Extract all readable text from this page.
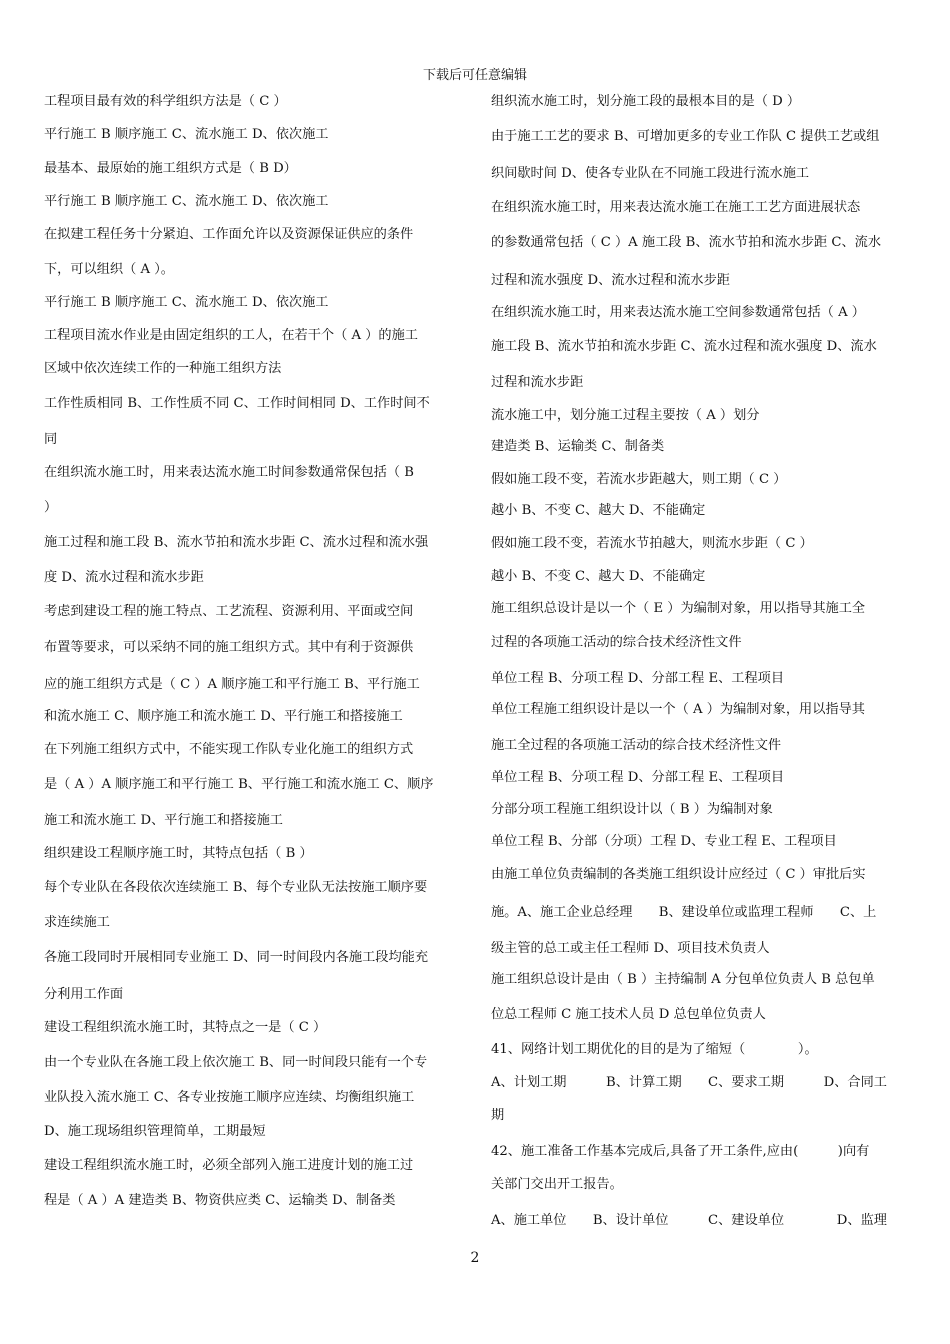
下载后可任意编辑
工程项目最有效的科学组织方法是（ C ）
平行施工 B 顺序施工 C、流水施工 D、依次施工
最基本、最原始的施工组织方式是（ B D）
平行施工 B 顺序施工 C、流水施工 D、依次施工
在拟建工程任务十分紧迫、工作面允许以及资源保证供应的条件
下，可以组织（ A ）。
平行施工 B 顺序施工 C、流水施工 D、依次施工
工程项目流水作业是由固定组织的工人，在若干个（ A ）的施工
区域中依次连续工作的一种施工组织方法
工作性质相同 B、工作性质不同 C、工作时间相同 D、工作时间不
同
在组织流水施工时，用来表达流水施工时间参数通常保包括（ B
）
施工过程和施工段 B、流水节拍和流水步距 C、流水过程和流水强
度 D、流水过程和流水步距
考虑到建设工程的施工特点、工艺流程、资源利用、平面或空间
布置等要求，可以采纳不同的施工组织方式。其中有利于资源供
应的施工组织方式是（ C ）A 顺序施工和平行施工 B、平行施工
和流水施工 C、顺序施工和流水施工 D、平行施工和搭接施工
在下列施工组织方式中，不能实现工作队专业化施工的组织方式
是（ A ）A 顺序施工和平行施工 B、平行施工和流水施工 C、顺序
施工和流水施工 D、平行施工和搭接施工
组织建设工程顺序施工时，其特点包括（ B ）
每个专业队在各段依次连续施工 B、每个专业队无法按施工顺序要
求连续施工
各施工段同时开展相同专业施工 D、同一时间段内各施工段均能充
分利用工作面
建设工程组织流水施工时，其特点之一是（ C ）
由一个专业队在各施工段上依次施工 B、同一时间段只能有一个专
业队投入流水施工 C、各专业按施工顺序应连续、均衡组织施工
D、施工现场组织管理简单，工期最短
建设工程组织流水施工时，必须全部列入施工进度计划的施工过
程是（ A ）A 建造类 B、物资供应类 C、运输类 D、制备类
组织流水施工时，划分施工段的最根本目的是（ D ）
由于施工工艺的要求 B、可增加更多的专业工作队 C 提供工艺或组
织间歇时间 D、使各专业队在不同施工段进行流水施工
在组织流水施工时，用来表达流水施工在施工工艺方面进展状态
的参数通常包括（ C ）A 施工段 B、流水节拍和流水步距 C、流水
过程和流水强度 D、流水过程和流水步距
在组织流水施工时，用来表达流水施工空间参数通常包括（ A ）
施工段 B、流水节拍和流水步距 C、流水过程和流水强度 D、流水
过程和流水步距
流水施工中，划分施工过程主要按（ A ）划分
建造类 B、运输类 C、制备类
假如施工段不变，若流水步距越大，则工期（ C ）
越小 B、不变 C、越大 D、不能确定
假如施工段不变，若流水节拍越大，则流水步距（ C ）
越小 B、不变 C、越大 D、不能确定
施工组织总设计是以一个（ E ）为编制对象，用以指导其施工全
过程的各项施工活动的综合技术经济性文件
单位工程 B、分项工程 D、分部工程 E、工程项目
单位工程施工组织设计是以一个（ A ）为编制对象，用以指导其
施工全过程的各项施工活动的综合技术经济性文件
单位工程 B、分项工程 D、分部工程 E、工程项目
分部分项工程施工组织设计以（ B ）为编制对象
单位工程 B、分部（分项）工程 D、专业工程 E、工程项目
由施工单位负责编制的各类施工组织设计应经过（ C ）审批后实
施。A、施工企业总经理　　B、建设单位或监理工程师　　C、上
级主管的总工或主任工程师 D、项目技术负责人
施工组织总设计是由（ B ）主持编制 A 分包单位负责人 B 总包单
位总工程师 C 施工技术人员 D 总包单位负责人
41、网络计划工期优化的目的是为了缩短（　　　　）。
A、计划工期　　　B、计算工期　　C、要求工期　　　D、合同工
期
42、施工准备工作基本完成后,具备了开工条件,应由(　　　)向有
关部门交出开工报告。
A、施工单位　　B、设计单位　　　C、建设单位　　　　D、监理
2
